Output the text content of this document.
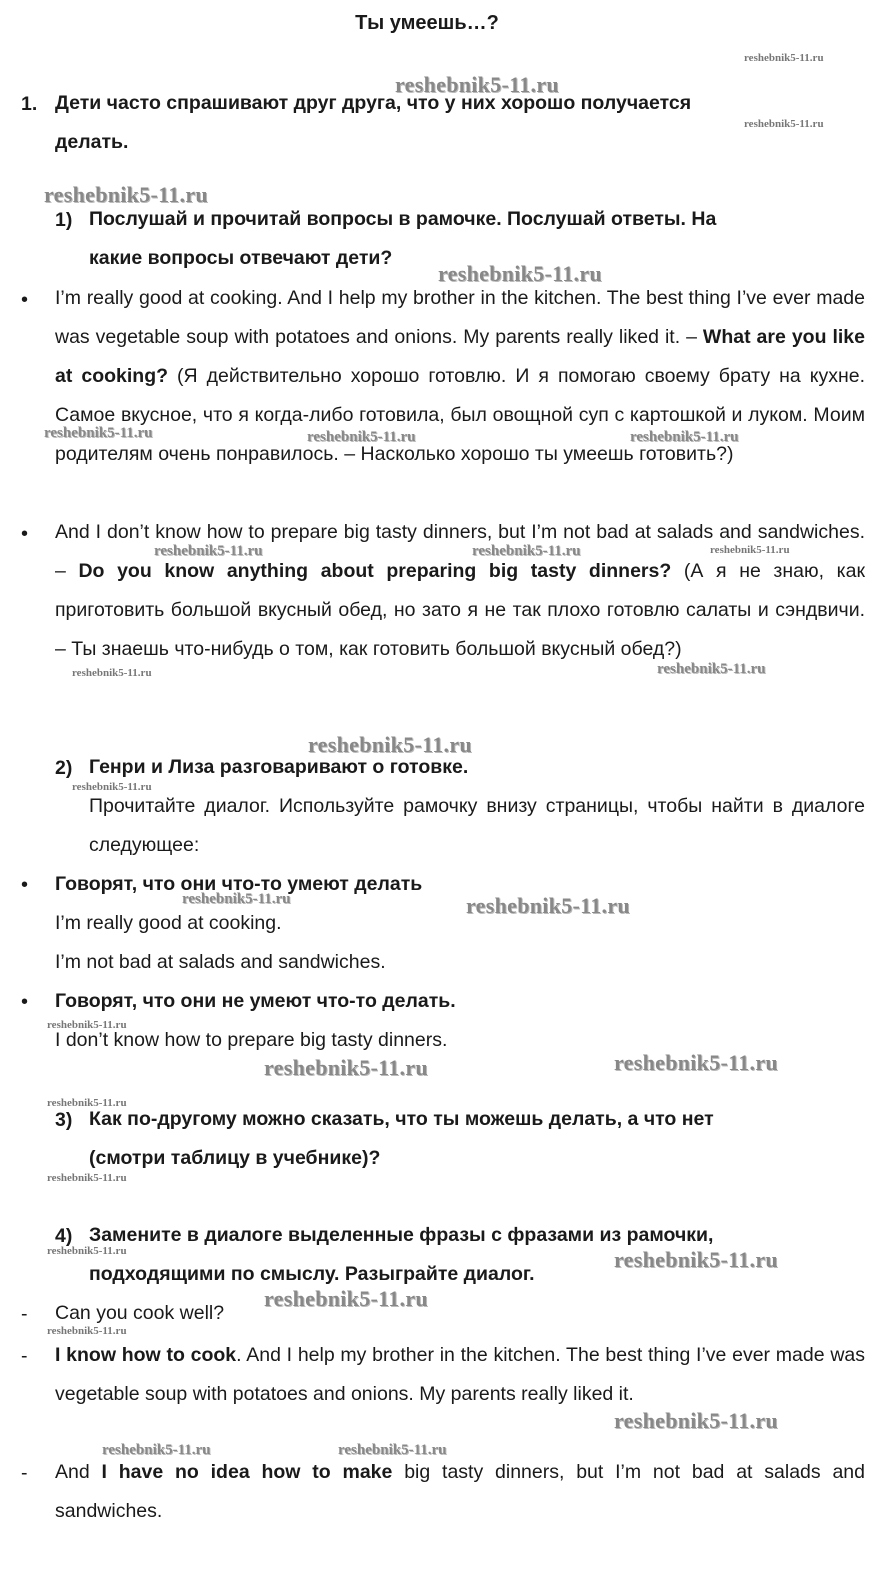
Ты умеешь…?
reshebnik5-11.ru
reshebnik5-11.ru
reshebnik5-11.ru
reshebnik5-11.ru
reshebnik5-11.ru
reshebnik5-11.ru	reshebnik5-11.ru	reshebnik5-11.ru
reshebnik5-11.ru	reshebnik5-11.ru	reshebnik5-11.ru
reshebnik5-11.ru	reshebnik5-11.ru
reshebnik5-11.ru
reshebnik5-11.ru
reshebnik5-11.ru	reshebnik5-11.ru
reshebnik5-11.ru
reshebnik5-11.ru
reshebnik5-11.ru
reshebnik5-11.ru
reshebnik5-11.ru
reshebnik5-11.ru	reshebnik5-11.ru
reshebnik5-11.ru
reshebnik5-11.ru
reshebnik5-11.ru
reshebnik5-11.ru	reshebnik5-11.ru
1. Дети часто спрашивают друг друга, что у них хорошо получается

делать.

1) Послушай и прочитай вопросы в рамочке. Послушай ответы. На

какие вопросы отвечают дети?

• I’m really good at cooking. And I help my brother in the kitchen. The best thing I’ve ever made was vegetable soup with potatoes and onions. My parents really liked it. – What are you like at cooking? (Я действительно хорошо готовлю. И я помогаю своему брату на кухне. Самое вкусное, что я когда-либо готовила, был овощной суп с картошкой и луком. Моим родителям очень понравилось. – Насколько хорошо ты умеешь готовить?)
• And I don’t know how to prepare big tasty dinners, but I’m not bad at salads and sandwiches. – Do you know anything about preparing big tasty dinners? (А я не знаю, как приготовить большой вкусный обед, но зато я не так плохо готовлю салаты и сэндвичи. – Ты знаешь что-нибудь о том, как готовить большой вкусный обед?)
2) Генри и Лиза разговаривают о готовке.
Прочитайте диалог. Используйте рамочку внизу страницы, чтобы найти в диалоге следующее:
• Говорят, что они что-то умеют делать

I’m really good at cooking.

I’m not bad at salads and sandwiches.

• Говорят, что они не умеют что-то делать.

I don’t know how to prepare big tasty dinners.

3) Как по-другому можно сказать, что ты можешь делать, а что нет

(смотри таблицу в учебнике)?

4) Замените в диалоге выделенные фразы с фразами из рамочки,

подходящими по смыслу. Разыграйте диалог.

- Can you cook well?
- I know how to cook. And I help my brother in the kitchen. The best thing I’ve ever made was vegetable soup with potatoes and onions. My parents really liked it.
- And I have no idea how to make big tasty dinners, but I’m not bad at salads and sandwiches.
